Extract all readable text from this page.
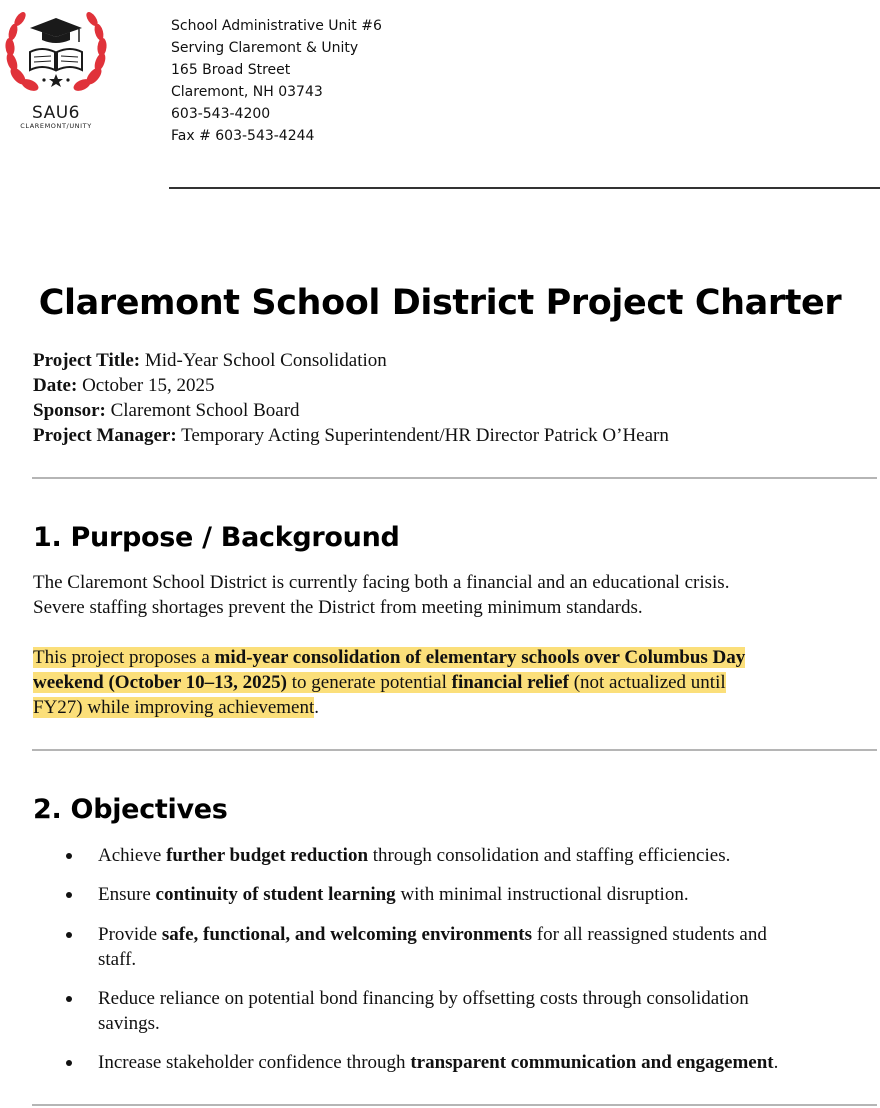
SAU6
CLAREMONT/UNITY
School Administrative Unit #6
Serving Claremont & Unity
165 Broad Street
Claremont, NH 03743
603-543-4200
Fax # 603-543-4244
Claremont School District Project Charter
Project Title: Mid-Year School Consolidation
Date: October 15, 2025
Sponsor: Claremont School Board
Project Manager: Temporary Acting Superintendent/HR Director Patrick O’Hearn
1. Purpose / Background
The Claremont School District is currently facing both a financial and an educational crisis.
Severe staffing shortages prevent the District from meeting minimum standards.
This project proposes a mid-year consolidation of elementary schools over Columbus Day
weekend (October 10–13, 2025) to generate potential financial relief (not actualized until
FY27) while improving achievement.
2. Objectives
Achieve further budget reduction through consolidation and staffing efficiencies.
Ensure continuity of student learning with minimal instructional disruption.
Provide safe, functional, and welcoming environments for all reassigned students and
staff.
Reduce reliance on potential bond financing by offsetting costs through consolidation
savings.
Increase stakeholder confidence through transparent communication and engagement.
